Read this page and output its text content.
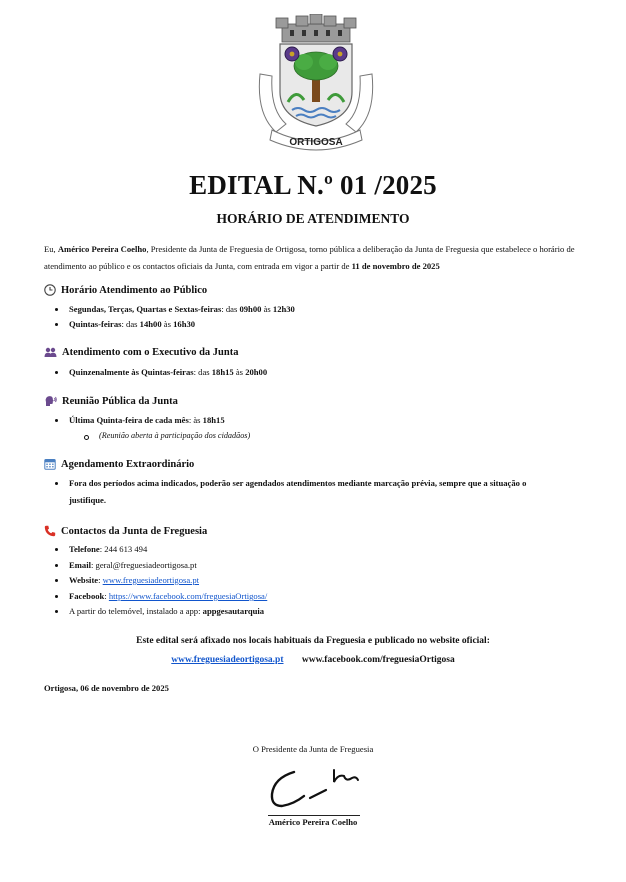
ORTIGOSA
EDITAL N.º 01 /2025
HORÁRIO DE ATENDIMENTO
Eu, Américo Pereira Coelho, Presidente da Junta de Freguesia de Ortigosa, torno pública a deliberação da Junta de Freguesia que estabelece o horário de atendimento ao público e os contactos oficiais da Junta, com entrada em vigor a partir de 11 de novembro de 2025
Horário Atendimento ao Público
Segundas, Terças, Quartas e Sextas-feiras: das 09h00 às 12h30
Quintas-feiras: das 14h00 às 16h30
Atendimento com o Executivo da Junta
Quinzenalmente às Quintas-feiras: das 18h15 às 20h00
Reunião Pública da Junta
Última Quinta-feira de cada mês: às 18h15
(Reunião aberta à participação dos cidadãos)
Agendamento Extraordinário
Fora dos períodos acima indicados, poderão ser agendados atendimentos mediante marcação prévia, sempre que a situação o justifique.
Contactos da Junta de Freguesia
Telefone: 244 613 494
Email: geral@freguesiadeortigosa.pt
Website: www.freguesiadeortigosa.pt
Facebook: https://www.facebook.com/freguesiaOrtigosa/
A partir do telemóvel, instalado a app: appgesautarquia
Este edital será afixado nos locais habituais da Freguesia e publicado no website oficial:
www.freguesiadeortigosa.pt www.facebook.com/freguesiaOrtigosa
Ortigosa, 06 de novembro de 2025
O Presidente da Junta de Freguesia
Américo Pereira Coelho
